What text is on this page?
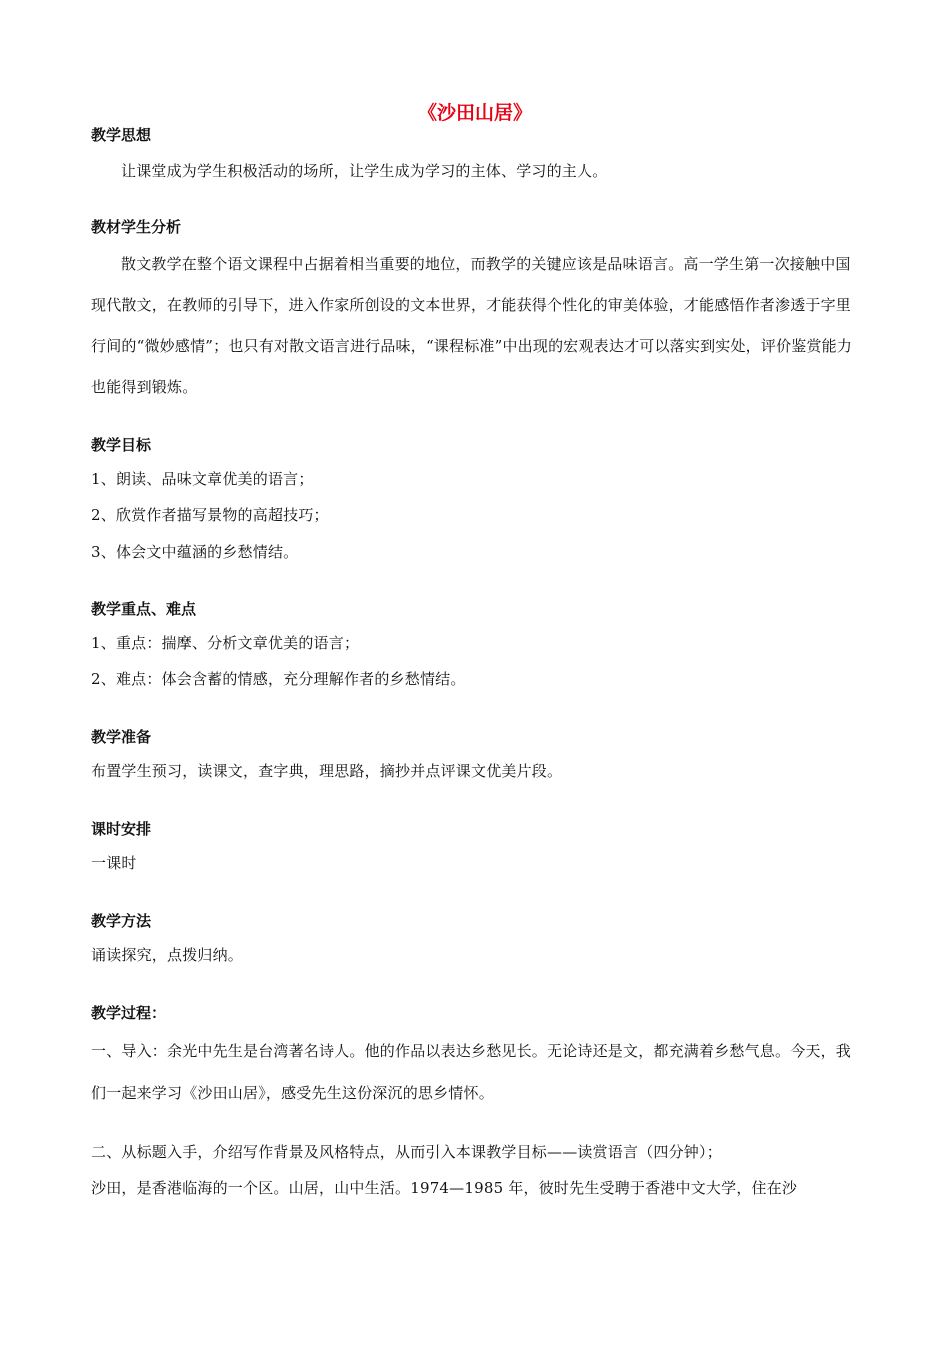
《沙田山居》

教学思想

让课堂成为学生积极活动的场所，让学生成为学习的主体、学习的主人。

教材学生分析

散文教学在整个语文课程中占据着相当重要的地位，而教学的关键应该是品味语言。高一学生第一次接触中国现代散文，在教师的引导下，进入作家所创设的文本世界，才能获得个性化的审美体验，才能感悟作者渗透于字里行间的“微妙感情”；也只有对散文语言进行品味，“课程标准”中出现的宏观表达才可以落实到实处，评价鉴赏能力也能得到锻炼。

教学目标

1、朗读、品味文章优美的语言；

2、欣赏作者描写景物的高超技巧；

3、体会文中蕴涵的乡愁情结。

教学重点、难点

1、重点：揣摩、分析文章优美的语言；

2、难点：体会含蓄的情感，充分理解作者的乡愁情结。

教学准备

布置学生预习，读课文，查字典，理思路，摘抄并点评课文优美片段。

课时安排

一课时

教学方法

诵读探究，点拨归纳。

教学过程：

一、导入：余光中先生是台湾著名诗人。他的作品以表达乡愁见长。无论诗还是文，都充满着乡愁气息。今天，我们一起来学习《沙田山居》，感受先生这份深沉的思乡情怀。

二、从标题入手，介绍写作背景及风格特点，从而引入本课教学目标——读赏语言（四分钟）；

沙田，是香港临海的一个区。山居，山中生活。1974—1985 年，彼时先生受聘于香港中文大学，住在沙
